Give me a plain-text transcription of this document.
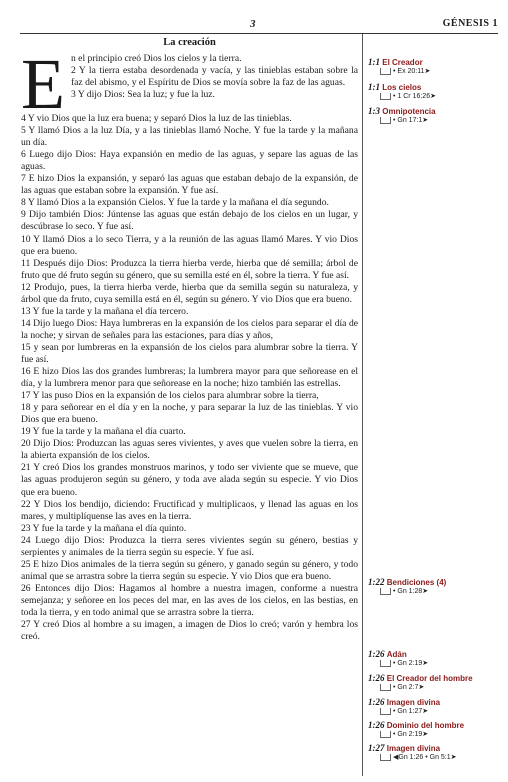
3	GÉNESIS 1
La creación
E n el principio creó Dios los cielos y la tierra.

2 Y la tierra estaba desordenada y vacía, y las tinieblas estaban sobre la faz del abismo, y el Espíritu de Dios se movía sobre la faz de las aguas.

3 Y dijo Dios: Sea la luz; y fue la luz.

4 Y vio Dios que la luz era buena; y separó Dios la luz de las tinieblas.

5 Y llamó Dios a la luz Día, y a las tinieblas llamó Noche. Y fue la tarde y la mañana un día.

6 Luego dijo Dios: Haya expansión en medio de las aguas, y separe las aguas de las aguas.

7 E hizo Dios la expansión, y separó las aguas que estaban debajo de la expansión, de las aguas que estaban sobre la expansión. Y fue así.

8 Y llamó Dios a la expansión Cielos. Y fue la tarde y la mañana el día segundo.

9 Dijo también Dios: Júntense las aguas que están debajo de los cielos en un lugar, y descúbrase lo seco. Y fue así.

10 Y llamó Dios a lo seco Tierra, y a la reunión de las aguas llamó Mares. Y vio Dios que era bueno.

11 Después dijo Dios: Produzca la tierra hierba verde, hierba que dé semilla; árbol de fruto que dé fruto según su género, que su semilla esté en él, sobre la tierra. Y fue así.

12 Produjo, pues, la tierra hierba verde, hierba que da semilla según su naturaleza, y árbol que da fruto, cuya semilla está en él, según su género. Y vio Dios que era bueno.

13 Y fue la tarde y la mañana el día tercero.

14 Dijo luego Dios: Haya lumbreras en la expansión de los cielos para separar el día de la noche; y sirvan de señales para las estaciones, para días y años,

15 y sean por lumbreras en la expansión de los cielos para alumbrar sobre la tierra. Y fue así.

16 E hizo Dios las dos grandes lumbreras; la lumbrera mayor para que señorease en el día, y la lumbrera menor para que señorease en la noche; hizo también las estrellas.

17 Y las puso Dios en la expansión de los cielos para alumbrar sobre la tierra,

18 y para señorear en el día y en la noche, y para separar la luz de las tinieblas. Y vio Dios que era bueno.

19 Y fue la tarde y la mañana el día cuarto.

20 Dijo Dios: Produzcan las aguas seres vivientes, y aves que vuelen sobre la tierra, en la abierta expansión de los cielos.

21 Y creó Dios los grandes monstruos marinos, y todo ser viviente que se mueve, que las aguas produjeron según su género, y toda ave alada según su especie. Y vio Dios que era bueno.

22 Y Dios los bendijo, diciendo: Fructificad y multiplicaos, y llenad las aguas en los mares, y multiplíquense las aves en la tierra.

23 Y fue la tarde y la mañana el día quinto.

24 Luego dijo Dios: Produzca la tierra seres vivientes según su género, bestias y serpientes y animales de la tierra según su especie. Y fue así.

25 E hizo Dios animales de la tierra según su género, y ganado según su género, y todo animal que se arrastra sobre la tierra según su especie. Y vio Dios que era bueno.

26 Entonces dijo Dios: Hagamos al hombre a nuestra imagen, conforme a nuestra semejanza; y señoree en los peces del mar, en las aves de los cielos, en las bestias, en toda la tierra, y en todo animal que se arrastra sobre la tierra.

27 Y creó Dios al hombre a su imagen, a imagen de Dios lo creó; varón y hembra los creó.

1:1 El Creador
• Ex 20:11➤
1:1 Los cielos
• 1 Cr 16:26➤
1:3 Omnipotencia
• Gn 17:1➤
1:22 Bendiciones (4)
• Gn 1:28➤
1:26 Adán
• Gn 2:19➤
1:26 El Creador del hombre
• Gn 2:7➤
1:26 Imagen divina
• Gn 1:27➤
1:26 Dominio del hombre
• Gn 2:19➤
1:27 Imagen divina
◀Gn 1:26 • Gn 5:1➤
